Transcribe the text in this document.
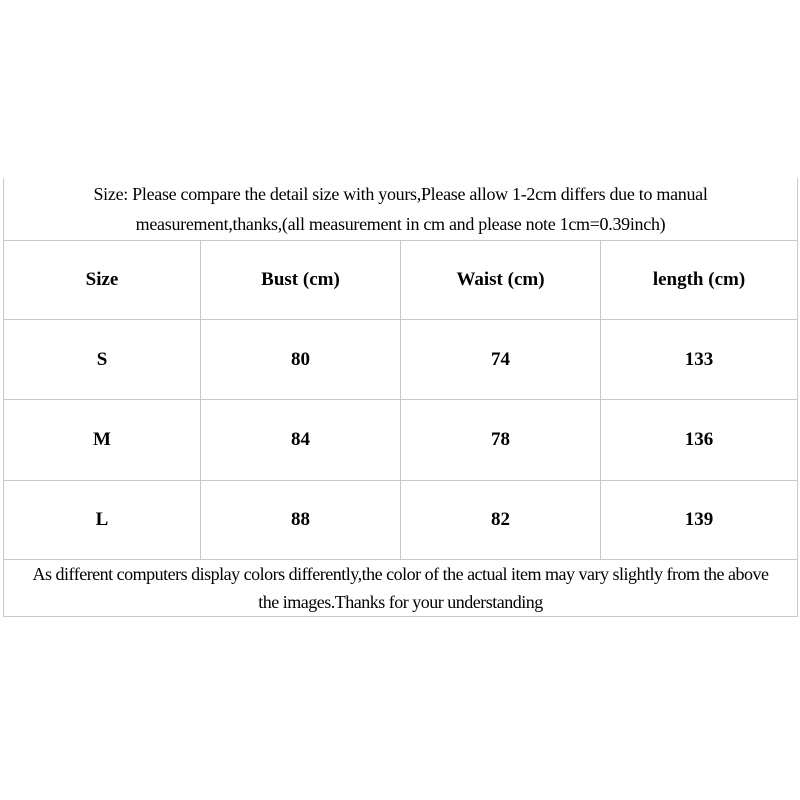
Size: Please compare the detail size with yours,Please allow 1-2cm differs due to manual
measurement,thanks,(all measurement in cm and please note 1cm=0.39inch)			

Size	Bust (cm)	Waist (cm)	length (cm)
S	80	74	133
M	84	78	136
L	88	82	139

As different computers display colors differently,the color of the actual item may vary slightly from the above
the images.Thanks for your understanding			
